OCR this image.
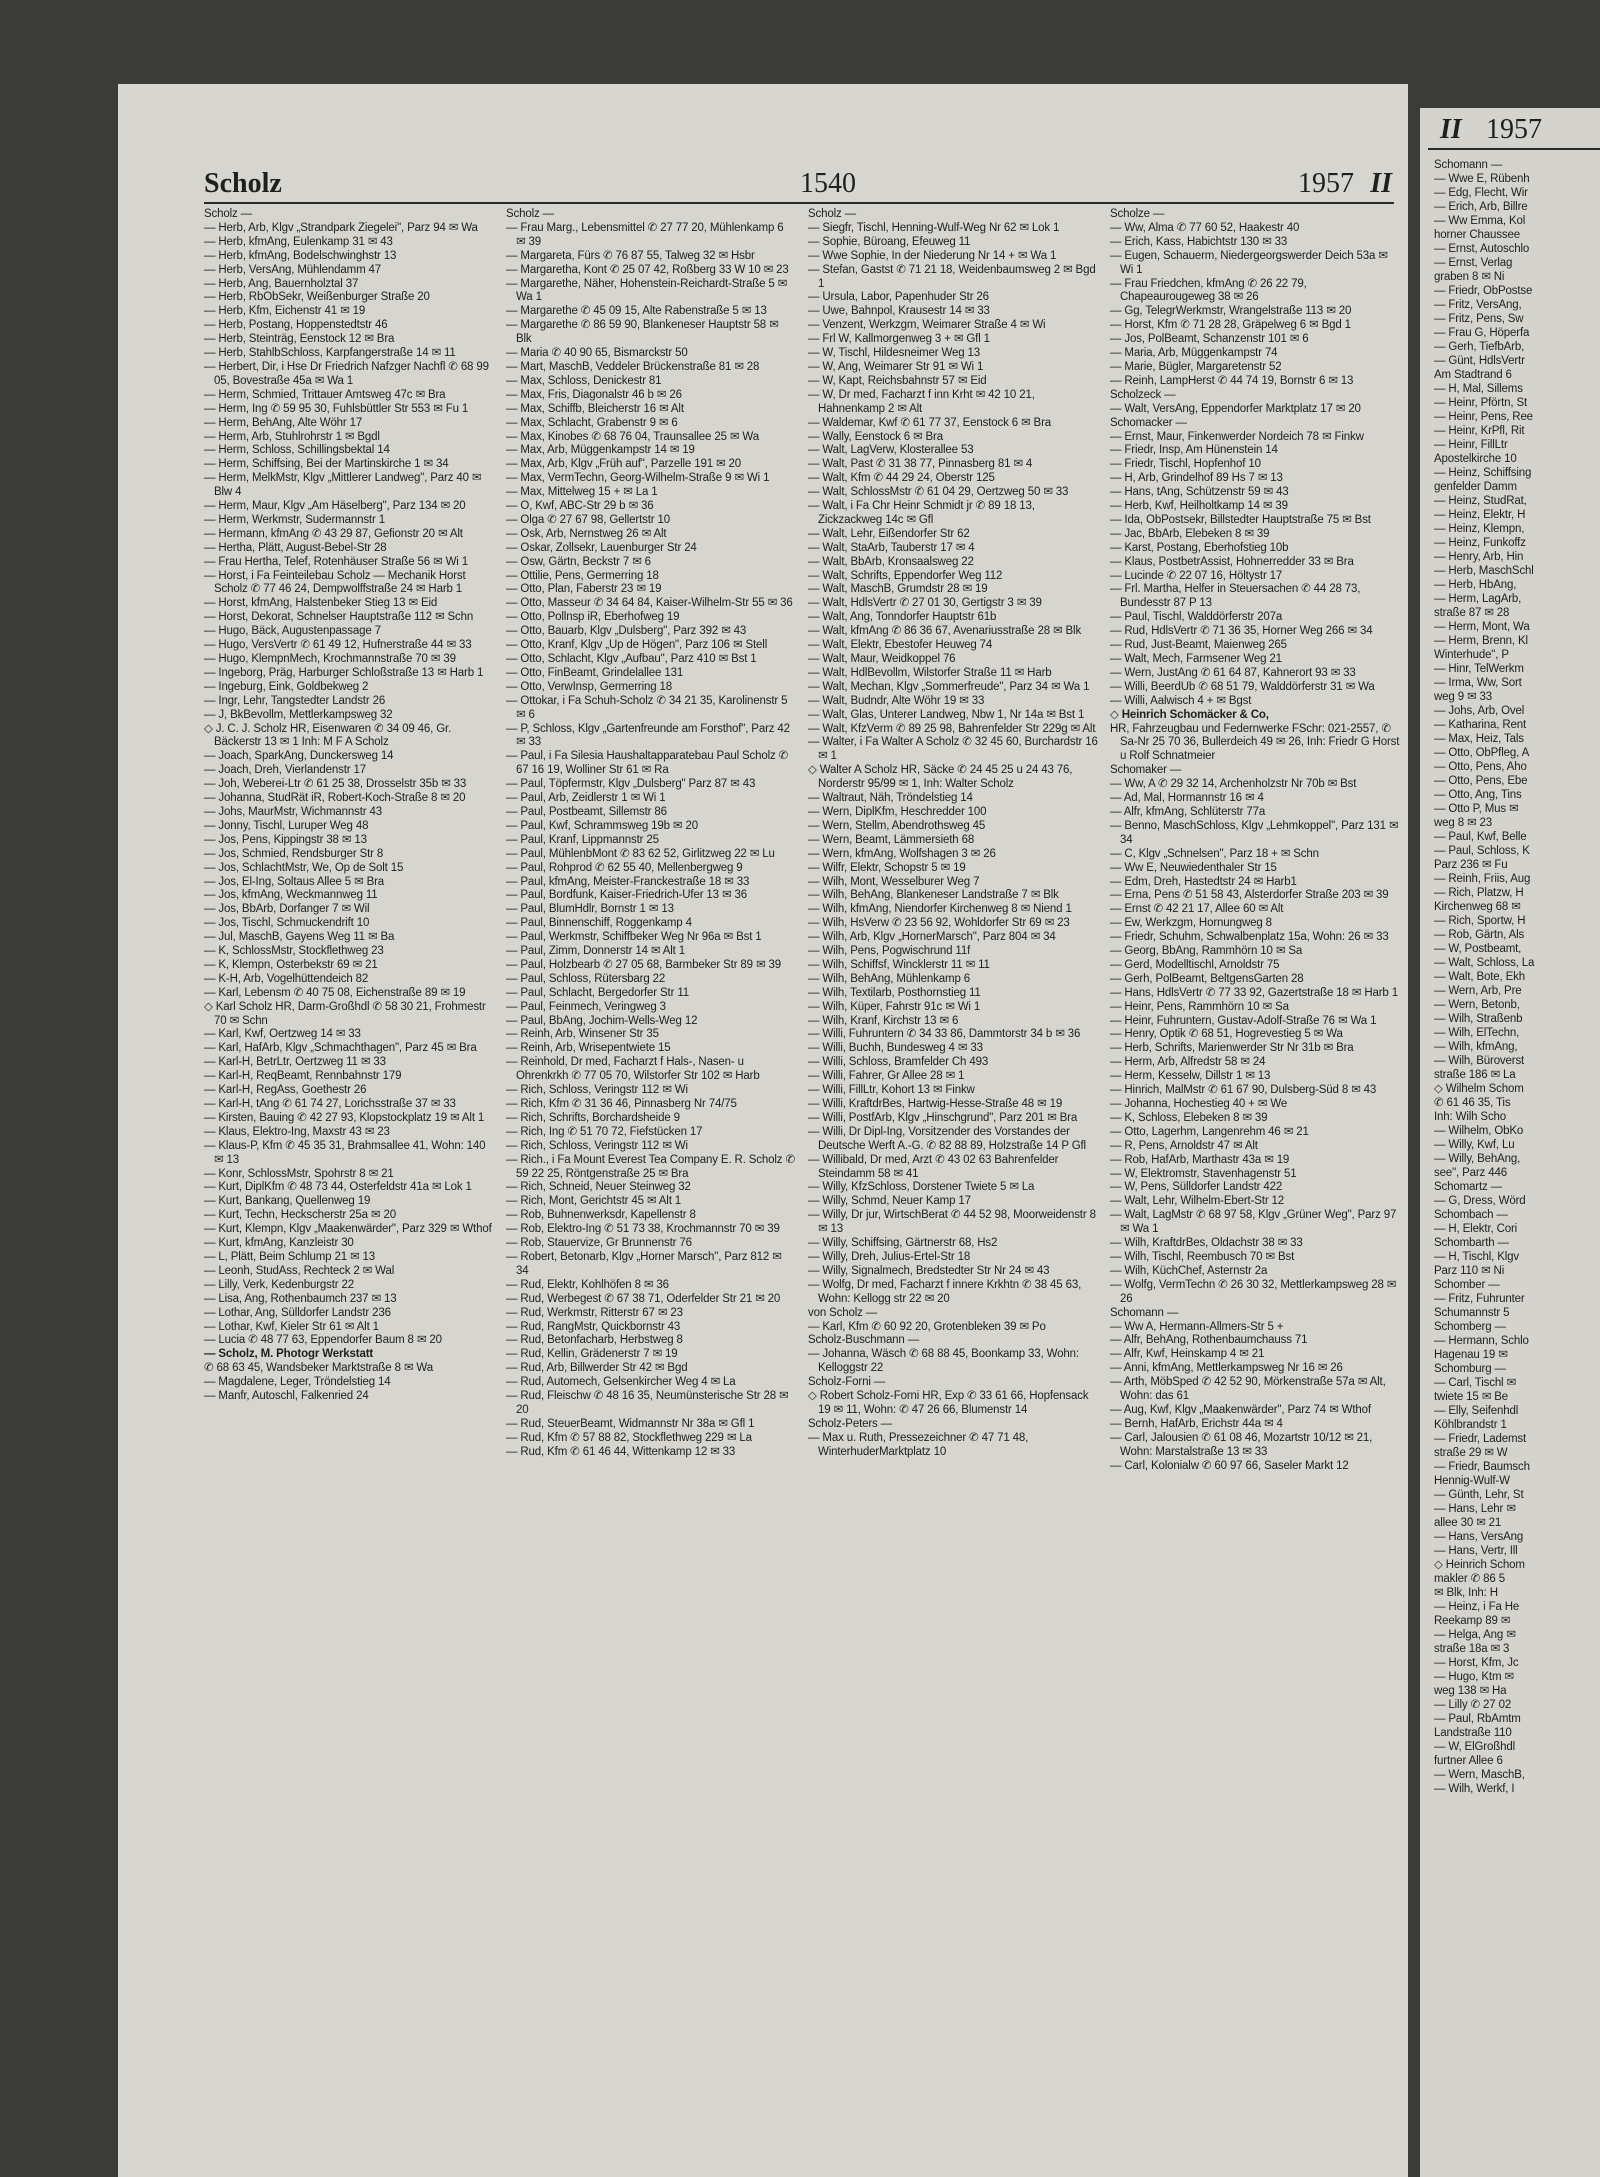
Scholz	1540	1957 II
Scholz —
— Herb, Arb, Klgv „Strandpark Ziegelei", Parz 94 ✉ Wa
— Herb, kfmAng, Eulenkamp 31 ✉ 43
— Herb, kfmAng, Bodelschwinghstr 13
— Herb, VersAng, Mühlendamm 47
— Herb, Ang, Bauernholztal 37
— Herb, RbObSekr, Weißenburger Straße 20
— Herb, Kfm, Eichenstr 41 ✉ 19
— Herb, Postang, Hoppenstedtstr 46
— Herb, Steinträg, Eenstock 12 ✉ Bra
— Herb, StahlbSchloss, Karpfangerstraße 14 ✉ 11
— Herbert, Dir, i Hse Dr Friedrich Nafzger Nachfl ✆ 68 99 05, Bovestraße 45a ✉ Wa 1
— Herm, Schmied, Trittauer Amtsweg 47c ✉ Bra
— Herm, Ing ✆ 59 95 30, Fuhlsbüttler Str 553 ✉ Fu 1
— Herm, BehAng, Alte Wöhr 17
— Herm, Arb, Stuhlrohrstr 1 ✉ Bgdl
— Herm, Schloss, Schillingsbektal 14
— Herm, Schiffsing, Bei der Martinskirche 1 ✉ 34
— Herm, MelkMstr, Klgv „Mittlerer Landweg", Parz 40 ✉ Blw 4
— Herm, Maur, Klgv „Am Häselberg", Parz 134 ✉ 20
— Herm, Werkmstr, Sudermannstr 1
— Hermann, kfmAng ✆ 43 29 87, Gefionstr 20 ✉ Alt
— Hertha, Plätt, August-Bebel-Str 28
— Frau Hertha, Telef, Rotenhäuser Straße 56 ✉ Wi 1
— Horst, i Fa Feinteilebau Scholz — Mechanik Horst Scholz ✆ 77 46 24, Dempwolffstraße 24 ✉ Harb 1
— Horst, kfmAng, Halstenbeker Stieg 13 ✉ Eid
— Horst, Dekorat, Schnelser Hauptstraße 112 ✉ Schn
— Hugo, Bäck, Augustenpassage 7
— Hugo, VersVertr ✆ 61 49 12, Hufnerstraße 44 ✉ 33
— Hugo, KlempnMech, Krochmannstraße 70 ✉ 39
— Ingeborg, Präg, Harburger Schloßstraße 13 ✉ Harb 1
— Ingeburg, Eink, Goldbekweg 2
— Ingr, Lehr, Tangstedter Landstr 26
— J, BkBevollm, Mettlerkampsweg 32
◇ J. C. J. Scholz HR, Eisenwaren ✆ 34 09 46, Gr. Bäckerstr 13 ✉ 1 Inh: M F A Scholz
— Joach, SparkAng, Dunckersweg 14
— Joach, Dreh, Vierlandenstr 17
— Joh, Weberei-Ltr ✆ 61 25 38, Drosselstr 35b ✉ 33
— Johanna, StudRät iR, Robert-Koch-Straße 8 ✉ 20
— Johs, MaurMstr, Wichmannstr 43
— Jonny, Tischl, Luruper Weg 48
— Jos, Pens, Kippingstr 38 ✉ 13
— Jos, Schmied, Rendsburger Str 8
— Jos, SchlachtMstr, We, Op de Solt 15
— Jos, El-Ing, Soltaus Allee 5 ✉ Bra
— Jos, kfmAng, Weckmannweg 11
— Jos, BbArb, Dorfanger 7 ✉ Wil
— Jos, Tischl, Schmuckendrift 10
— Jul, MaschB, Gayens Weg 11 ✉ Ba
— K, SchlossMstr, Stockflethweg 23
— K, Klempn, Osterbekstr 69 ✉ 21
— K-H, Arb, Vogelhüttendeich 82
— Karl, Lebensm ✆ 40 75 08, Eichenstraße 89 ✉ 19
◇ Karl Scholz HR, Darm-Großhdl ✆ 58 30 21, Frohmestr 70 ✉ Schn
— Karl, Kwf, Oertzweg 14 ✉ 33
— Karl, HafArb, Klgv „Schmachthagen", Parz 45 ✉ Bra
— Karl-H, BetrLtr, Oertzweg 11 ✉ 33
— Karl-H, ReqBeamt, Rennbahnstr 179
— Karl-H, RegAss, Goethestr 26
— Karl-H, tAng ✆ 61 74 27, Lorichsstraße 37 ✉ 33
— Kirsten, Bauing ✆ 42 27 93, Klopstockplatz 19 ✉ Alt 1
— Klaus, Elektro-Ing, Maxstr 43 ✉ 23
— Klaus-P, Kfm ✆ 45 35 31, Brahmsallee 41, Wohn: 140 ✉ 13
— Konr, SchlossMstr, Spohrstr 8 ✉ 21
— Kurt, DiplKfm ✆ 48 73 44, Osterfeldstr 41a ✉ Lok 1
— Kurt, Bankang, Quellenweg 19
— Kurt, Techn, Heckscherstr 25a ✉ 20
— Kurt, Klempn, Klgv „Maakenwärder", Parz 329 ✉ Wthof
— Kurt, kfmAng, Kanzleistr 30
— L, Plätt, Beim Schlump 21 ✉ 13
— Leonh, StudAss, Rechteck 2 ✉ Wal
— Lilly, Verk, Kedenburgstr 22
— Lisa, Ang, Rothenbaumch 237 ✉ 13
— Lothar, Ang, Sülldorfer Landstr 236
— Lothar, Kwf, Kieler Str 61 ✉ Alt 1
— Lucia ✆ 48 77 63, Eppendorfer Baum 8 ✉ 20
— Scholz, M. Photogr Werkstatt
✆ 68 63 45, Wandsbeker Marktstraße 8 ✉ Wa
— Magdalene, Leger, Tröndelstieg 14
— Manfr, Autoschl, Falkenried 24
Scholz —
— Frau Marg., Lebensmittel ✆ 27 77 20, Mühlenkamp 6 ✉ 39
— Margareta, Fürs ✆ 76 87 55, Talweg 32 ✉ Hsbr
— Margaretha, Kont ✆ 25 07 42, Roßberg 33 W 10 ✉ 23
— Margarethe, Näher, Hohenstein-Reichardt-Straße 5 ✉ Wa 1
— Margarethe ✆ 45 09 15, Alte Rabenstraße 5 ✉ 13
— Margarethe ✆ 86 59 90, Blankeneser Hauptstr 58 ✉ Blk
— Maria ✆ 40 90 65, Bismarckstr 50
— Mart, MaschB, Veddeler Brückenstraße 81 ✉ 28
— Max, Schloss, Denickestr 81
— Max, Fris, Diagonalstr 46 b ✉ 26
— Max, Schiffb, Bleicherstr 16 ✉ Alt
— Max, Schlacht, Grabenstr 9 ✉ 6
— Max, Kinobes ✆ 68 76 04, Traunsallee 25 ✉ Wa
— Max, Arb, Müggenkampstr 14 ✉ 19
— Max, Arb, Klgv „Früh auf", Parzelle 191 ✉ 20
— Max, VermTechn, Georg-Wilhelm-Straße 9 ✉ Wi 1
— Max, Mittelweg 15 + ✉ La 1
— O, Kwf, ABC-Str 29 b ✉ 36
— Olga ✆ 27 67 98, Gellertstr 10
— Osk, Arb, Nernstweg 26 ✉ Alt
— Oskar, Zollsekr, Lauenburger Str 24
— Osw, Gärtn, Beckstr 7 ✉ 6
— Ottilie, Pens, Germerring 18
— Otto, Plan, Faberstr 23 ✉ 19
— Otto, Masseur ✆ 34 64 84, Kaiser-Wilhelm-Str 55 ✉ 36
— Otto, Pollnsp iR, Eberhofweg 19
— Otto, Bauarb, Klgv „Dulsberg", Parz 392 ✉ 43
— Otto, Kranf, Klgv „Up de Högen", Parz 106 ✉ Stell
— Otto, Schlacht, Klgv „Aufbau", Parz 410 ✉ Bst 1
— Otto, FinBeamt, Grindelallee 131
— Otto, VerwInsp, Germerring 18
— Ottokar, i Fa Schuh-Scholz ✆ 34 21 35, Karolinenstr 5 ✉ 6
— P, Schloss, Klgv „Gartenfreunde am Forsthof", Parz 42 ✉ 33
— Paul, i Fa Silesia Haushaltapparatebau Paul Scholz ✆ 67 16 19, Wolliner Str 61 ✉ Ra
— Paul, Töpfermstr, Klgv „Dulsberg" Parz 87 ✉ 43
— Paul, Arb, Zeidlerstr 1 ✉ Wi 1
— Paul, Postbeamt, Sillemstr 86
— Paul, Kwf, Schrammsweg 19b ✉ 20
— Paul, Kranf, Lippmannstr 25
— Paul, MühlenbMont ✆ 83 62 52, Girlitzweg 22 ✉ Lu
— Paul, Rohprod ✆ 62 55 40, Mellenbergweg 9
— Paul, kfmAng, Meister-Franckestraße 18 ✉ 33
— Paul, Bordfunk, Kaiser-Friedrich-Ufer 13 ✉ 36
— Paul, BlumHdlr, Bornstr 1 ✉ 13
— Paul, Binnenschiff, Roggenkamp 4
— Paul, Werkmstr, Schiffbeker Weg Nr 96a ✉ Bst 1
— Paul, Zimm, Donnerstr 14 ✉ Alt 1
— Paul, Holzbearb ✆ 27 05 68, Barmbeker Str 89 ✉ 39
— Paul, Schloss, Rütersbarg 22
— Paul, Schlacht, Bergedorfer Str 11
— Paul, Feinmech, Veringweg 3
— Paul, BbAng, Jochim-Wells-Weg 12
— Reinh, Arb, Winsener Str 35
— Reinh, Arb, Wrisepentwiete 15
— Reinhold, Dr med, Facharzt f Hals-, Nasen- u Ohrenkrkh ✆ 77 05 70, Wilstorfer Str 102 ✉ Harb
— Rich, Schloss, Veringstr 112 ✉ Wi
— Rich, Kfm ✆ 31 36 46, Pinnasberg Nr 74/75
— Rich, Schrifts, Borchardsheide 9
— Rich, Ing ✆ 51 70 72, Fiefstücken 17
— Rich, Schloss, Veringstr 112 ✉ Wi
— Rich., i Fa Mount Everest Tea Company E. R. Scholz ✆ 59 22 25, Röntgenstraße 25 ✉ Bra
— Rich, Schneid, Neuer Steinweg 32
— Rich, Mont, Gerichtstr 45 ✉ Alt 1
— Rob, Buhnenwerksdr, Kapellenstr 8
— Rob, Elektro-Ing ✆ 51 73 38, Krochmannstr 70 ✉ 39
— Rob, Stauervize, Gr Brunnenstr 76
— Robert, Betonarb, Klgv „Horner Marsch", Parz 812 ✉ 34
— Rud, Elektr, Kohlhöfen 8 ✉ 36
— Rud, Werbegest ✆ 67 38 71, Oderfelder Str 21 ✉ 20
— Rud, Werkmstr, Ritterstr 67 ✉ 23
— Rud, RangMstr, Quickbornstr 43
— Rud, Betonfacharb, Herbstweg 8
— Rud, Kellin, Grädenerstr 7 ✉ 19
— Rud, Arb, Billwerder Str 42 ✉ Bgd
— Rud, Automech, Gelsenkircher Weg 4 ✉ La
— Rud, Fleischw ✆ 48 16 35, Neumünsterische Str 28 ✉ 20
— Rud, SteuerBeamt, Widmannstr Nr 38a ✉ Gfl 1
— Rud, Kfm ✆ 57 88 82, Stockflethweg 229 ✉ La
— Rud, Kfm ✆ 61 46 44, Wittenkamp 12 ✉ 33
Scholz —
— Siegfr, Tischl, Henning-Wulf-Weg Nr 62 ✉ Lok 1
— Sophie, Büroang, Efeuweg 11
— Wwe Sophie, In der Niederung Nr 14 + ✉ Wa 1
— Stefan, Gastst ✆ 71 21 18, Weidenbaumsweg 2 ✉ Bgd 1
— Ursula, Labor, Papenhuder Str 26
— Uwe, Bahnpol, Krausestr 14 ✉ 33
— Venzent, Werkzgm, Weimarer Straße 4 ✉ Wi
— Frl W, Kallmorgenweg 3 + ✉ Gfl 1
— W, Tischl, Hildesneimer Weg 13
— W, Ang, Weimarer Str 91 ✉ Wi 1
— W, Kapt, Reichsbahnstr 57 ✉ Eid
— W, Dr med, Facharzt f inn Krht ✉ 42 10 21, Hahnenkamp 2 ✉ Alt
— Waldemar, Kwf ✆ 61 77 37, Eenstock 6 ✉ Bra
— Wally, Eenstock 6 ✉ Bra
— Walt, LagVerw, Klosterallee 53
— Walt, Past ✆ 31 38 77, Pinnasberg 81 ✉ 4
— Walt, Kfm ✆ 44 29 24, Oberstr 125
— Walt, SchlossMstr ✆ 61 04 29, Oertzweg 50 ✉ 33
— Walt, i Fa Chr Heinr Schmidt jr ✆ 89 18 13, Zickzackweg 14c ✉ Gfl
— Walt, Lehr, Eißendorfer Str 62
— Walt, StaArb, Tauberstr 17 ✉ 4
— Walt, BbArb, Kronsaalsweg 22
— Walt, Schrifts, Eppendorfer Weg 112
— Walt, MaschB, Grumdstr 28 ✉ 19
— Walt, HdlsVertr ✆ 27 01 30, Gertigstr 3 ✉ 39
— Walt, Ang, Tonndorfer Hauptstr 61b
— Walt, kfmAng ✆ 86 36 67, Avenariusstraße 28 ✉ Blk
— Walt, Elektr, Ebestofer Heuweg 74
— Walt, Maur, Weidkoppel 76
— Walt, HdlBevollm, Wilstorfer Straße 11 ✉ Harb
— Walt, Mechan, Klgv „Sommerfreude", Parz 34 ✉ Wa 1
— Walt, Budndr, Alte Wöhr 19 ✉ 33
— Walt, Glas, Unterer Landweg, Nbw 1, Nr 14a ✉ Bst 1
— Walt, KfzVerm ✆ 89 25 98, Bahrenfelder Str 229g ✉ Alt
— Walter, i Fa Walter A Scholz ✆ 32 45 60, Burchardstr 16 ✉ 1
◇ Walter A Scholz HR, Säcke ✆ 24 45 25 u 24 43 76, Norderstr 95/99 ✉ 1, Inh: Walter Scholz
— Waltraut, Näh, Tröndelstieg 14
— Wern, DiplKfm, Heschredder 100
— Wern, Stellm, Abendrothsweg 45
— Wern, Beamt, Lämmersieth 68
— Wern, kfmAng, Wolfshagen 3 ✉ 26
— Wilfr, Elektr, Schopstr 5 ✉ 19
— Wilh, Mont, Wesselburer Weg 7
— Wilh, BehAng, Blankeneser Landstraße 7 ✉ Blk
— Wilh, kfmAng, Niendorfer Kirchenweg 8 ✉ Niend 1
— Wilh, HsVerw ✆ 23 56 92, Wohldorfer Str 69 ✉ 23
— Wilh, Arb, Klgv „HornerMarsch", Parz 804 ✉ 34
— Wilh, Pens, Pogwischrund 11f
— Wilh, Schiffsf, Wincklerstr 11 ✉ 11
— Wilh, BehAng, Mühlenkamp 6
— Wilh, Textilarb, Posthornstieg 11
— Wilh, Küper, Fahrstr 91c ✉ Wi 1
— Wilh, Kranf, Kirchstr 13 ✉ 6
— Willi, Fuhruntern ✆ 34 33 86, Dammtorstr 34 b ✉ 36
— Willi, Buchh, Bundesweg 4 ✉ 33
— Willi, Schloss, Bramfelder Ch 493
— Willi, Fahrer, Gr Allee 28 ✉ 1
— Willi, FillLtr, Kohort 13 ✉ Finkw
— Willi, KraftdrBes, Hartwig-Hesse-Straße 48 ✉ 19
— Willi, PostfArb, Klgv „Hinschgrund", Parz 201 ✉ Bra
— Willi, Dr Dipl-Ing, Vorsitzender des Vorstandes der Deutsche Werft A.-G. ✆ 82 88 89, Holzstraße 14 P Gfl
— Willibald, Dr med, Arzt ✆ 43 02 63 Bahrenfelder Steindamm 58 ✉ 41
— Willy, KfzSchloss, Dorstener Twiete 5 ✉ La
— Willy, Schmd, Neuer Kamp 17
— Willy, Dr jur, WirtschBerat ✆ 44 52 98, Moorweidenstr 8 ✉ 13
— Willy, Schiffsing, Gärtnerstr 68, Hs2
— Willy, Dreh, Julius-Ertel-Str 18
— Willy, Signalmech, Bredstedter Str Nr 24 ✉ 43
— Wolfg, Dr med, Facharzt f innere Krkhtn ✆ 38 45 63, Wohn: Kellogg str 22 ✉ 20
von Scholz —
— Karl, Kfm ✆ 60 92 20, Grotenbleken 39 ✉ Po
Scholz-Buschmann —
— Johanna, Wäsch ✆ 68 88 45, Boonkamp 33, Wohn: Kelloggstr 22
Scholz-Forni —
◇ Robert Scholz-Forni HR, Exp ✆ 33 61 66, Hopfensack 19 ✉ 11, Wohn: ✆ 47 26 66, Blumenstr 14
Scholz-Peters —
— Max u. Ruth, Pressezeichner ✆ 47 71 48, WinterhuderMarktplatz 10
Scholze —
— Ww, Alma ✆ 77 60 52, Haakestr 40
— Erich, Kass, Habichtstr 130 ✉ 33
— Eugen, Schauerm, Niedergeorgswerder Deich 53a ✉ Wi 1
— Frau Friedchen, kfmAng ✆ 26 22 79, Chapeaurougeweg 38 ✉ 26
— Gg, TelegrWerkmstr, Wrangelstraße 113 ✉ 20
— Horst, Kfm ✆ 71 28 28, Gräpelweg 6 ✉ Bgd 1
— Jos, PolBeamt, Schanzenstr 101 ✉ 6
— Maria, Arb, Müggenkampstr 74
— Marie, Bügler, Margaretenstr 52
— Reinh, LampHerst ✆ 44 74 19, Bornstr 6 ✉ 13
Scholzeck —
— Walt, VersAng, Eppendorfer Marktplatz 17 ✉ 20
Schomacker —
— Ernst, Maur, Finkenwerder Nordeich 78 ✉ Finkw
— Friedr, Insp, Am Hünenstein 14
— Friedr, Tischl, Hopfenhof 10
— H, Arb, Grindelhof 89 Hs 7 ✉ 13
— Hans, tAng, Schützenstr 59 ✉ 43
— Herb, Kwf, Heilholtkamp 14 ✉ 39
— Ida, ObPostsekr, Billstedter Hauptstraße 75 ✉ Bst
— Jac, BbArb, Elebeken 8 ✉ 39
— Karst, Postang, Eberhofstieg 10b
— Klaus, PostbetrAssist, Hohnerredder 33 ✉ Bra
— Lucinde ✆ 22 07 16, Höltystr 17
— Frl. Martha, Helfer in Steuersachen ✆ 44 28 73, Bundesstr 87 P 13
— Paul, Tischl, Walddörferstr 207a
— Rud, HdlsVertr ✆ 71 36 35, Horner Weg 266 ✉ 34
— Rud, Just-Beamt, Maienweg 265
— Walt, Mech, Farmsener Weg 21
— Wern, JustAng ✆ 61 64 87, Kahnerort 93 ✉ 33
— Willi, BeerdUb ✆ 68 51 79, Walddörferstr 31 ✉ Wa
— Willi, Aalwisch 4 + ✉ Bgst
◇ Heinrich Schomäcker & Co,
HR, Fahrzeugbau und Federnwerke FSchr: 021-2557, ✆ Sa-Nr 25 70 36, Bullerdeich 49 ✉ 26, Inh: Friedr G Horst u Rolf Schnatmeier
Schomaker —
— Ww, A ✆ 29 32 14, Archenholzstr Nr 70b ✉ Bst
— Ad, Mal, Hormannstr 16 ✉ 4
— Alfr, kfmAng, Schlüterstr 77a
— Benno, MaschSchloss, Klgv „Lehmkoppel", Parz 131 ✉ 34
— C, Klgv „Schnelsen", Parz 18 + ✉ Schn
— Ww E, Neuwiedenthaler Str 15
— Edm, Dreh, Hastedtstr 24 ✉ Harb1
— Erna, Pens ✆ 51 58 43, Alsterdorfer Straße 203 ✉ 39
— Ernst ✆ 42 21 17, Allee 60 ✉ Alt
— Ew, Werkzgm, Hornungweg 8
— Friedr, Schuhm, Schwalbenplatz 15a, Wohn: 26 ✉ 33
— Georg, BbAng, Rammhörn 10 ✉ Sa
— Gerd, Modelltischl, Arnoldstr 75
— Gerh, PolBeamt, BeltgensGarten 28
— Hans, HdlsVertr ✆ 77 33 92, Gazertstraße 18 ✉ Harb 1
— Heinr, Pens, Rammhörn 10 ✉ Sa
— Heinr, Fuhruntern, Gustav-Adolf-Straße 76 ✉ Wa 1
— Henry, Optik ✆ 68 51, Hogrevestieg 5 ✉ Wa
— Herb, Schrifts, Marienwerder Str Nr 31b ✉ Bra
— Herm, Arb, Alfredstr 58 ✉ 24
— Herm, Kesselw, Dillstr 1 ✉ 13
— Hinrich, MalMstr ✆ 61 67 90, Dulsberg-Süd 8 ✉ 43
— Johanna, Hochestieg 40 + ✉ We
— K, Schloss, Elebeken 8 ✉ 39
— Otto, Lagerhm, Langenrehm 46 ✉ 21
— R, Pens, Arnoldstr 47 ✉ Alt
— Rob, HafArb, Marthastr 43a ✉ 19
— W, Elektromstr, Stavenhagenstr 51
— W, Pens, Sülldorfer Landstr 422
— Walt, Lehr, Wilhelm-Ebert-Str 12
— Walt, LagMstr ✆ 68 97 58, Klgv „Grüner Weg", Parz 97 ✉ Wa 1
— Wilh, KraftdrBes, Oldachstr 38 ✉ 33
— Wilh, Tischl, Reembusch 70 ✉ Bst
— Wilh, KüchChef, Asternstr 2a
— Wolfg, VermTechn ✆ 26 30 32, Mettlerkampsweg 28 ✉ 26
Schomann —
— Ww A, Hermann-Allmers-Str 5 +
— Alfr, BehAng, Rothenbaumchauss 71
— Alfr, Kwf, Heinskamp 4 ✉ 21
— Anni, kfmAng, Mettlerkampsweg Nr 16 ✉ 26
— Arth, MöbSped ✆ 42 52 90, Mörkenstraße 57a ✉ Alt, Wohn: das 61
— Aug, Kwf, Klgv „Maakenwärder", Parz 74 ✉ Wthof
— Bernh, HafArb, Erichstr 44a ✉ 4
— Carl, Jalousien ✆ 61 08 46, Mozartstr 10/12 ✉ 21, Wohn: Marstalstraße 13 ✉ 33
— Carl, Kolonialw ✆ 60 97 66, Saseler Markt 12
II 1957
Schomann —
— Wwe E, Rübenh
— Edg, Flecht, Wir
— Erich, Arb, Billre
— Ww Emma, Kol
horner Chaussee
— Ernst, Autoschlo
— Ernst, Verlag
graben 8 ✉ Ni
— Friedr, ObPostse
— Fritz, VersAng,
— Fritz, Pens, Sw
— Frau G, Höperfa
— Gerh, TiefbArb,
— Günt, HdlsVertr
Am Stadtrand 6
— H, Mal, Sillems
— Heinr, Pförtn, St
— Heinr, Pens, Ree
— Heinr, KrPfl, Rit
— Heinr, FillLtr
Apostelkirche 10
— Heinz, Schiffsing
genfelder Damm
— Heinz, StudRat,
— Heinz, Elektr, H
— Heinz, Klempn,
— Heinz, Funkoffz
— Henry, Arb, Hin
— Herb, MaschSchl
— Herb, HbAng,
— Herm, LagArb,
straße 87 ✉ 28
— Herm, Mont, Wa
— Herm, Brenn, Kl
Winterhude", P
— Hinr, TelWerkm
— Irma, Ww, Sort
weg 9 ✉ 33
— Johs, Arb, Ovel
— Katharina, Rent
— Max, Heiz, Tals
— Otto, ObPfleg, A
— Otto, Pens, Aho
— Otto, Pens, Ebe
— Otto, Ang, Tins
— Otto P, Mus ✉
weg 8 ✉ 23
— Paul, Kwf, Belle
— Paul, Schloss, K
Parz 236 ✉ Fu
— Reinh, Friis, Aug
— Rich, Platzw, H
Kirchenweg 68 ✉
— Rich, Sportw, H
— Rob, Gärtn, Als
— W, Postbeamt,
— Walt, Schloss, La
— Walt, Bote, Ekh
— Wern, Arb, Pre
— Wern, Betonb,
— Wilh, Straßenb
— Wilh, ElTechn,
— Wilh, kfmAng,
— Wilh, Büroverst
straße 186 ✉ La
◇ Wilhelm Schom
✆ 61 46 35, Tis
Inh: Wilh Scho
— Wilhelm, ObKo
— Willy, Kwf, Lu
— Willy, BehAng,
see", Parz 446
Schomartz —
— G, Dress, Wörd
Schombach —
— H, Elektr, Cori
Schombarth —
— H, Tischl, Klgv
Parz 110 ✉ Ni
Schomber —
— Fritz, Fuhrunter
Schumannstr 5
Schomberg —
— Hermann, Schlo
Hagenau 19 ✉
Schomburg —
— Carl, Tischl ✉
twiete 15 ✉ Be
— Elly, Seifenhdl
Köhlbrandstr 1
— Friedr, Lademst
straße 29 ✉ W
— Friedr, Baumsch
Hennig-Wulf-W
— Günth, Lehr, St
— Hans, Lehr ✉
allee 30 ✉ 21
— Hans, VersAng
— Hans, Vertr, Ill
◇ Heinrich Schom
makler ✆ 86 5
✉ Blk, Inh: H
— Heinz, i Fa He
Reekamp 89 ✉
— Helga, Ang ✉
straße 18a ✉ 3
— Horst, Kfm, Jc
— Hugo, Ktm ✉
weg 138 ✉ Ha
— Lilly ✆ 27 02
— Paul, RbAmtm
Landstraße 110
— W, ElGroßhdl
furtner Allee 6
— Wern, MaschB,
— Wilh, Werkf, I
